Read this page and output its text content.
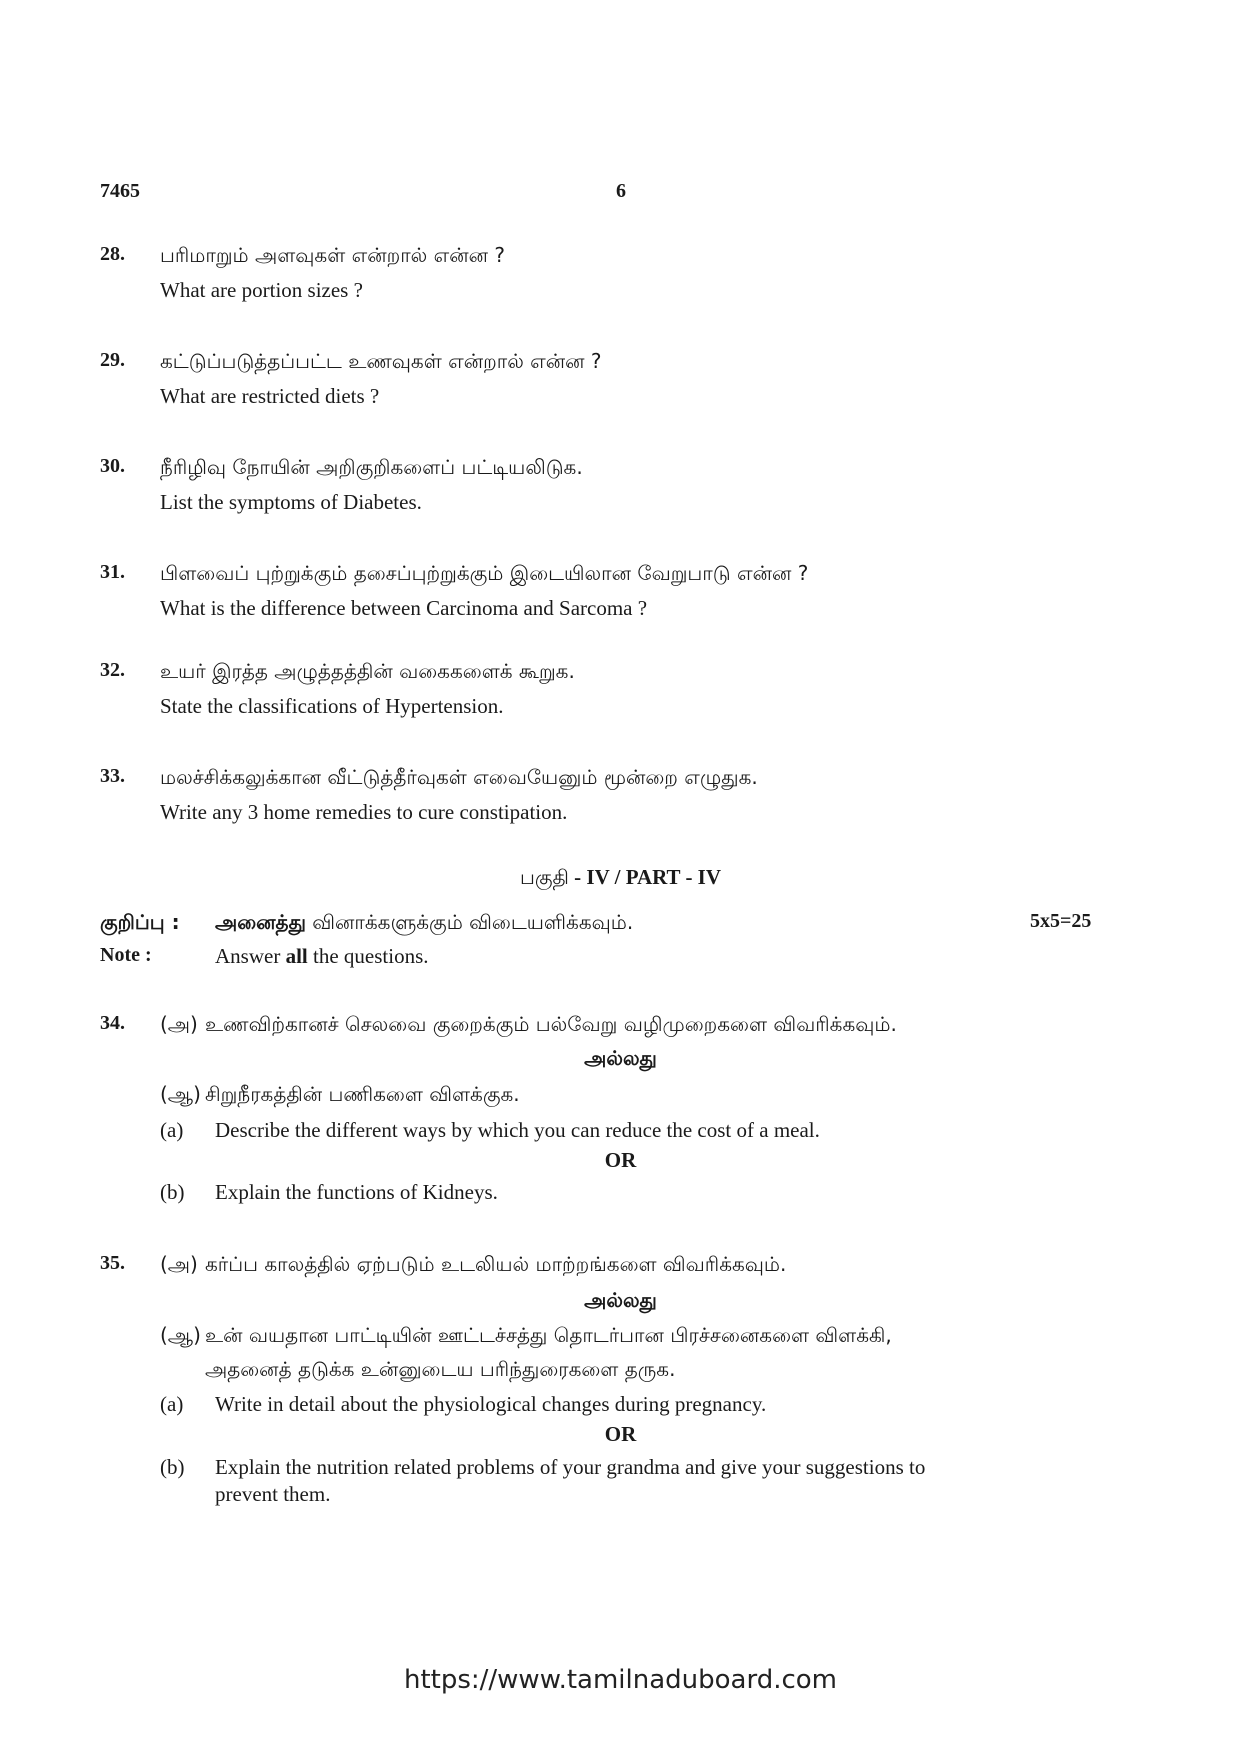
7465	6
28. பரிமாறும் அளவுகள் என்றால் என்ன ?
What are portion sizes ?
29. கட்டுப்படுத்தப்பட்ட உணவுகள் என்றால் என்ன ?
What are restricted diets ?
30. நீரிழிவு நோயின் அறிகுறிகளைப் பட்டியலிடுக.
List the symptoms of Diabetes.
31. பிளவைப் புற்றுக்கும் தசைப்புற்றுக்கும் இடையிலான வேறுபாடு என்ன ?
What is the difference between Carcinoma and Sarcoma ?
32. உயர் இரத்த அழுத்தத்தின் வகைகளைக் கூறுக.
State the classifications of Hypertension.
33. மலச்சிக்கலுக்கான வீட்டுத்தீர்வுகள் எவையேனும் மூன்றை எழுதுக.
Write any 3 home remedies to cure constipation.
பகுதி - IV / PART - IV
குறிப்பு : அனைத்து வினாக்களுக்கும் விடையளிக்கவும்.	5x5=25
Note :	Answer all the questions.
34. (அ) உணவிற்கானச் செலவை குறைக்கும் பல்வேறு வழிமுறைகளை விவரிக்கவும்.
அல்லது
(ஆ) சிறுநீரகத்தின் பணிகளை விளக்குக.
(a) Describe the different ways by which you can reduce the cost of a meal.
OR
(b) Explain the functions of Kidneys.
35. (அ) கர்ப்ப காலத்தில் ஏற்படும் உடலியல் மாற்றங்களை விவரிக்கவும்.
அல்லது
(ஆ) உன் வயதான பாட்டியின் ஊட்டச்சத்து தொடர்பான பிரச்சனைகளை விளக்கி,
அதனைத் தடுக்க உன்னுடைய பரிந்துரைகளை தருக.
(a) Write in detail about the physiological changes during pregnancy.
OR
(b) Explain the nutrition related problems of your grandma and give your suggestions to
prevent them.
https://www.tamilnaduboard.com
